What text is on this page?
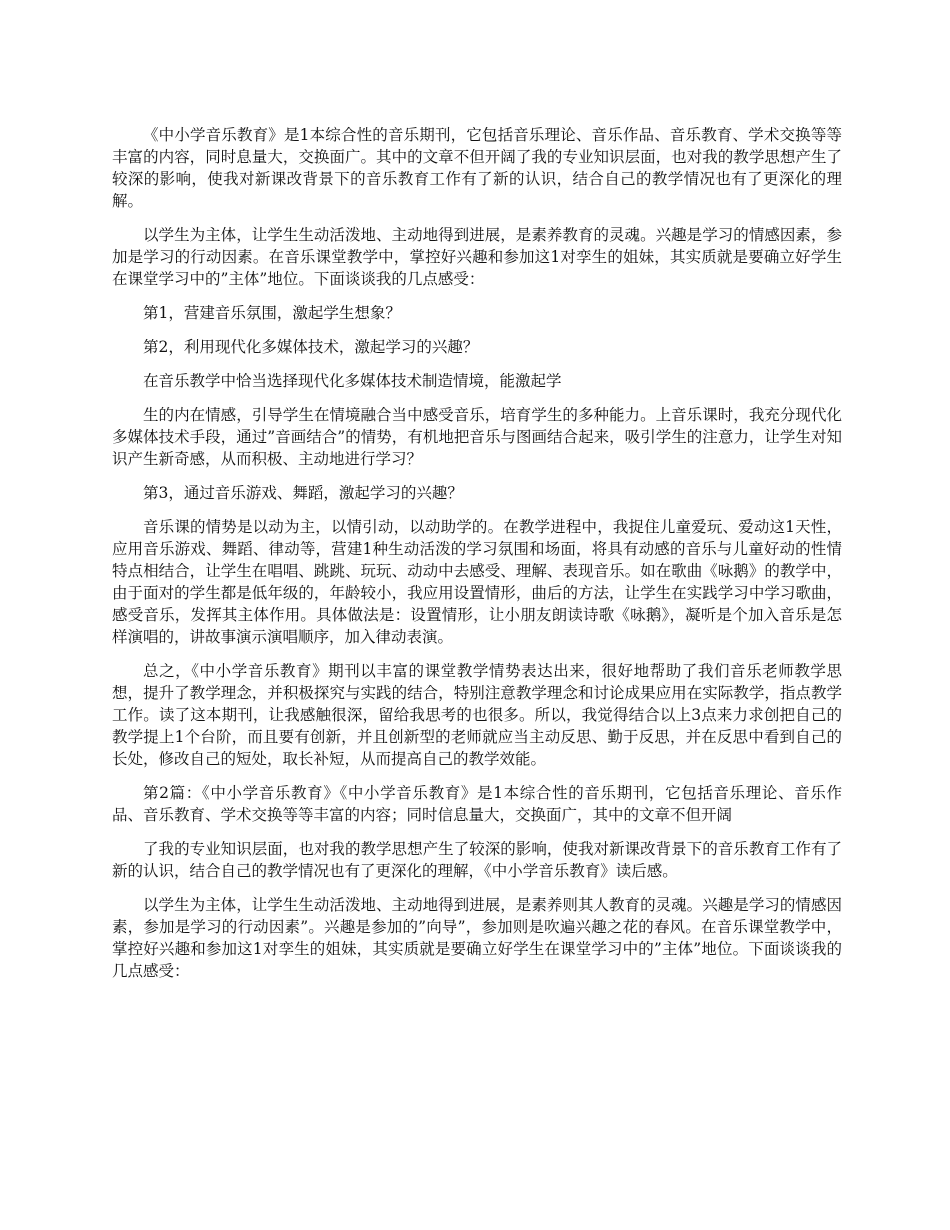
《中小学音乐教育》是1本综合性的音乐期刊，它包括音乐理论、音乐作品、音乐教育、学术交换等等丰富的内容，同时息量大，交换面广。其中的文章不但开阔了我的专业知识层面，也对我的教学思想产生了较深的影响，使我对新课改背景下的音乐教育工作有了新的认识，结合自己的教学情况也有了更深化的理解。

以学生为主体，让学生生动活泼地、主动地得到进展，是素养教育的灵魂。兴趣是学习的情感因素，参加是学习的行动因素。在音乐课堂教学中，掌控好兴趣和参加这1对孪生的姐妹，其实质就是要确立好学生在课堂学习中的”主体”地位。下面谈谈我的几点感受：

第1，营建音乐氛围，激起学生想象？

第2，利用现代化多媒体技术，激起学习的兴趣？

在音乐教学中恰当选择现代化多媒体技术制造情境，能激起学

生的内在情感，引导学生在情境融合当中感受音乐，培育学生的多种能力。上音乐课时，我充分现代化多媒体技术手段，通过”音画结合”的情势，有机地把音乐与图画结合起来，吸引学生的注意力，让学生对知识产生新奇感，从而积极、主动地进行学习？

第3，通过音乐游戏、舞蹈，激起学习的兴趣？

音乐课的情势是以动为主，以情引动，以动助学的。在教学进程中，我捉住儿童爱玩、爱动这1天性，应用音乐游戏、舞蹈、律动等，营建1种生动活泼的学习氛围和场面，将具有动感的音乐与儿童好动的性情特点相结合，让学生在唱唱、跳跳、玩玩、动动中去感受、理解、表现音乐。如在歌曲《咏鹅》的教学中，由于面对的学生都是低年级的，年龄较小，我应用设置情形，曲后的方法，让学生在实践学习中学习歌曲，感受音乐，发挥其主体作用。具体做法是：设置情形，让小朋友朗读诗歌《咏鹅》，凝听是个加入音乐是怎样演唱的，讲故事演示演唱顺序，加入律动表演。

总之，《中小学音乐教育》期刊以丰富的课堂教学情势表达出来，很好地帮助了我们音乐老师教学思想，提升了教学理念，并积极探究与实践的结合，特别注意教学理念和讨论成果应用在实际教学，指点教学工作。读了这本期刊，让我感触很深，留给我思考的也很多。所以，我觉得结合以上3点来力求创把自己的教学提上1个台阶，而且要有创新，并且创新型的老师就应当主动反思、勤于反思，并在反思中看到自己的长处，修改自己的短处，取长补短，从而提高自己的教学效能。

第2篇：《中小学音乐教育》《中小学音乐教育》是1本综合性的音乐期刊，它包括音乐理论、音乐作品、音乐教育、学术交换等等丰富的内容；同时信息量大，交换面广，其中的文章不但开阔

了我的专业知识层面，也对我的教学思想产生了较深的影响，使我对新课改背景下的音乐教育工作有了新的认识，结合自己的教学情况也有了更深化的理解，《中小学音乐教育》读后感。

以学生为主体，让学生生动活泼地、主动地得到进展，是素养则其人教育的灵魂。兴趣是学习的情感因素，参加是学习的行动因素”。兴趣是参加的”向导”，参加则是吹遍兴趣之花的春风。在音乐课堂教学中，掌控好兴趣和参加这1对孪生的姐妹，其实质就是要确立好学生在课堂学习中的”主体”地位。下面谈谈我的几点感受：
